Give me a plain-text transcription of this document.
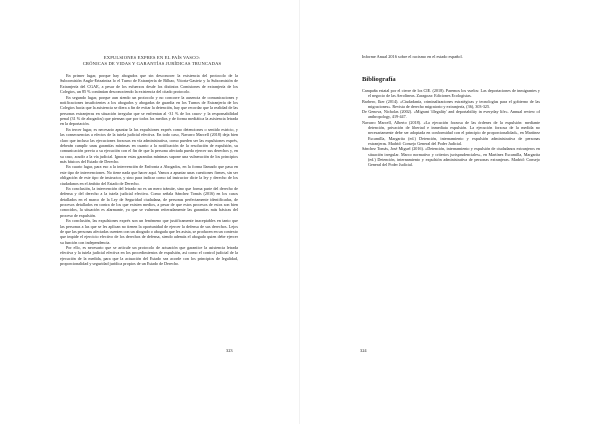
EXPULSIONES EXPRES EN EL PAÍS VASCO:
CRÓNICAS DE VIDAS Y GARANTÍAS JURÍDICAS TRUNCADAS

En primer lugar, porque hay abogados que sin desconocer la existencia del protocolo de la Subcomisión Anglo-Ertzaintza lo el Turno de Extranjería de Bilbao, Vitoria-Gasteiz y la Subcomisión de Extranjería del CGAE, a pesar de los esfuerzos desde los distintos Comisiones de extranjería de los Colegios, un 85 % continúan desconociendo la existencia del citado protocolo.

En segundo lugar, porque aun siendo un protocolo y no concorre la ausencia de comunicaciones y notificaciones insuficientes a los abogados y abogadas de guardia en los Turnos de Extranjería de los Colegios hacia que la asistencia se diera a fin de evitar la detención, hay que recordar que la realidad de las personas extranjeras en situación irregular que se enfrentan al -31 % de los casos- y la responsabilidad penal (31 % de abogados) que piensan que por todos los medios y de forma mediática la asistencia letrada en la deportación.

En tercer lugar, es necesario apuntar la las expulsiones exprés como detenciones o sentido estricto, y las consecuencias a efectos de la tutela judicial efectiva. En todo caso, Navarro Marcell (2018) deja bien claro que incluso las ejecuciones forzosas en vía administrativa, como pueden ser las expulsiones exprés, deberán cumplir unas garantías mínimas en cuanto a la notificación de la resolución de expulsión, su comunicación previa a su ejecución con el fin de que la persona afectada pueda ejercer sus derechos y, en su caso, acudir a la vía judicial. Ignorar estas garantías mínimas supone una vulneración de los principios más básicos del Estado de Derecho.

En cuarto lugar, para eso a la intervención de Enfronta a Abogados, en la forma llamado que pasa en este tipo de intervenciones. No tiene nada que hacer aquí. Vamos a apuntar unas cuestiones firmes, sin ser obligación de este tipo de instructor, y sino para indicar como tal instructor dicte la ley y derecho de los ciudadanos en el ámbito del Estado de Derecho.

En conclusión, la intervención del letrado no es un mero trámite, sino que forma parte del derecho de defensa y del derecho a la tutela judicial efectiva. Como señala Sánchez Tomás (2016) en los casos detallados en el marco de la Ley de Seguridad ciudadana, de personas perfectamente identificadas, de procesos detallados en contra de los que existen medios, a pesar de que estos procesos de estos son bien conocidos, la situación es alarmante, ya que se vulneran reiteradamente las garantías más básicas del proceso de expulsión.

En conclusión, las expulsiones exprés son un fenómeno que justificamente inaceptables en tanto que las personas a las que se les aplican no tienen la oportunidad de ejercer la defensa de sus derechos. Lejos de que las personas afectadas cuenten con un abogado o abogada que les asista, se producen en un contexto que impide el ejercicio efectivo de los derechos de defensa, siendo además el abogado quien debe ejercer su función con independencia.

Por ello, es necesario que se articule un protocolo de actuación que garantice la asistencia letrada efectiva y la tutela judicial efectiva en los procedimientos de expulsión, así como el control judicial de la ejecución de la medida, para que la actuación del Estado sea acorde con los principios de legalidad, proporcionalidad y seguridad jurídica propios de un Estado de Derecho.

323
Informe Anual 2016 sobre el racismo en el estado español.
Bibliografía

Campaña estatal por el cierre de los CIE. (2018). Paremos los vuelos: Las deportaciones de inmigrantes y el negocio de las Aerolíneas. Zaragoza: Ediciones Ecologistas.

Barbero, Iker (2014). «Ciudadanía, criminalizaciones estratégicas y tecnologías para el gobierno de las migraciones». Revista de derecho migratorio y extranjería, (36), 303-325.

De Genova, Nicholas (2002). «Migrant 'illegality' and deportability in everyday life». Annual review of anthropology, 419-447.

Navarro Marcell, Alberto (2018). «La ejecución forzosa de las órdenes de la expulsión: mediante detención, privación de libertad e inmediata expulsión. La ejecución forzosa de la medida no necesariamente debe ser adoptada en conformidad con el principio de proporcionalidad», en Martínez Escamilla, Margarita (ed.) Detención, internamiento y expulsión administrativa de personas extranjeras. Madrid: Consejo General del Poder Judicial.

Sánchez Tomás, José Miguel (2016). «Detención, internamiento y expulsión de ciudadanos extranjeros en situación irregular. Marco normativo y criterios jurisprudenciales», en Martínez Escamilla, Margarita (ed.) Detención, internamiento y expulsión administrativa de personas extranjeras. Madrid: Consejo General del Poder Judicial.

324
